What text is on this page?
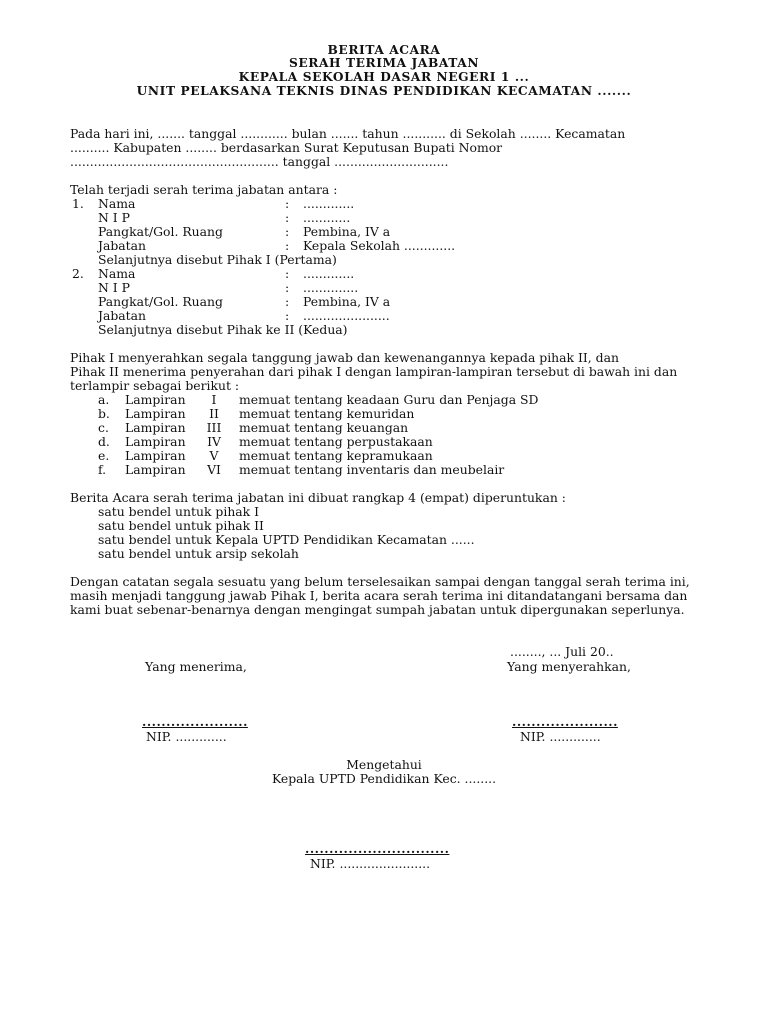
BERITA ACARA
SERAH TERIMA JABATAN
KEPALA SEKOLAH DASAR NEGERI 1 ...
UNIT PELAKSANA TEKNIS DINAS PENDIDIKAN KECAMATAN .......
Pada hari ini, ....... tanggal ............ bulan ....... tahun ........... di Sekolah ........ Kecamatan
.......... Kabupaten ........ berdasarkan Surat Keputusan Bupati Nomor
..................................................... tanggal .............................
Telah terjadi serah terima jabatan antara :
1. Nama	: .............
N I P	: ............
Pangkat/Gol. Ruang	: Pembina, IV a
Jabatan	: Kepala Sekolah .............
Selanjutnya disebut Pihak I (Pertama)
2. Nama	: .............
N I P	: ..............
Pangkat/Gol. Ruang	: Pembina, IV a
Jabatan	: ......................
Selanjutnya disebut Pihak ke II (Kedua)
Pihak I menyerahkan segala tanggung jawab dan kewenangannya kepada pihak II, dan
Pihak II menerima penyerahan dari pihak I dengan lampiran-lampiran tersebut di bawah ini dan
terlampir sebagai berikut :
a. Lampiran	I	memuat tentang keadaan Guru dan Penjaga SD
b. Lampiran	II	memuat tentang kemuridan
c. Lampiran	III	memuat tentang keuangan
d. Lampiran	IV	memuat tentang perpustakaan
e. Lampiran	V	memuat tentang kepramukaan
f. Lampiran	VI	memuat tentang inventaris dan meubelair
Berita Acara serah terima jabatan ini dibuat rangkap 4 (empat) diperuntukan :
satu bendel untuk pihak I
satu bendel untuk pihak II
satu bendel untuk Kepala UPTD Pendidikan Kecamatan ......
satu bendel untuk arsip sekolah
Dengan catatan segala sesuatu yang belum terselesaikan sampai dengan tanggal serah terima ini,
masih menjadi tanggung jawab Pihak I, berita acara serah terima ini ditandatangani bersama dan
kami buat sebenar-benarnya dengan mengingat sumpah jabatan untuk dipergunakan seperlunya.
........, ... Juli 20..
Yang menerima,	Yang menyerahkan,
......................
NIP. .............
......................
NIP. .............
Mengetahui
Kepala UPTD Pendidikan Kec. ........
..............................
NIP. .......................
